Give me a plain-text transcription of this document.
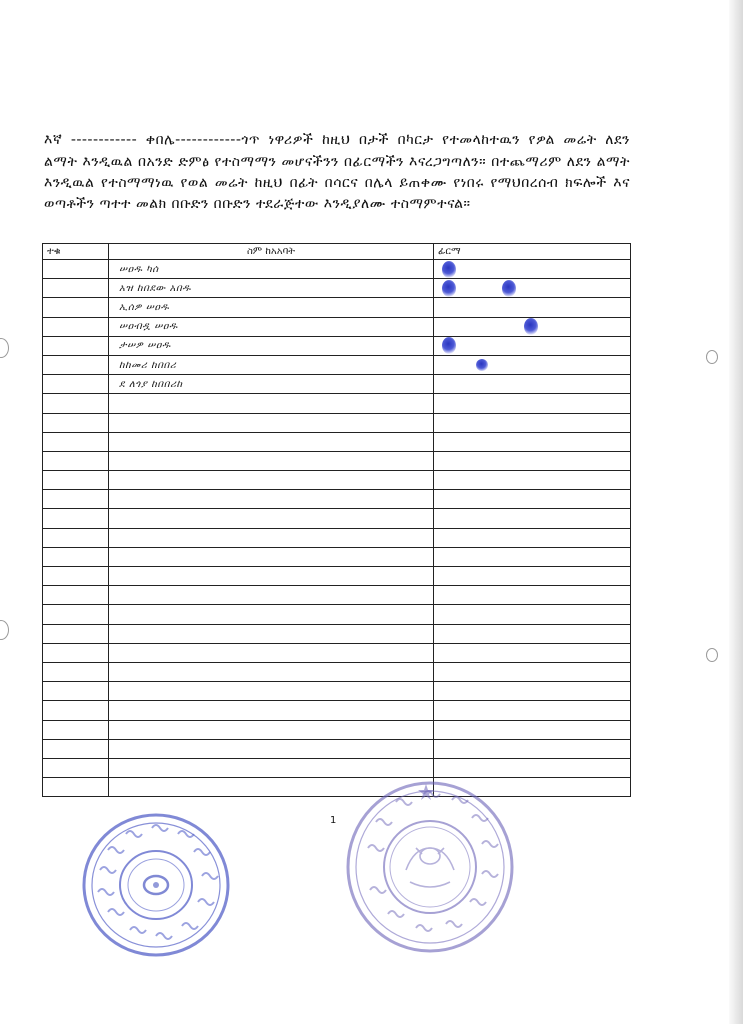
እኛ ------------ ቀበሌ------------ጎጥ ነዋሪዎች ከዚህ በታች በካርታ የተመላከተዉን የዎል መሬት ለደን ልማት እንዲዉል በአንድ ድምፅ የተስማማን መሆናችንን በፊርማችን እናረጋግጣለን። በተጨማሪም ለደን ልማት እንዲዉል የተስማማነዉ የወል መሬት ከዚህ በፊት በሳርና በሌላ ይጠቀሙ የነበሩ የማህበረሰብ ክፍሎች እና ወጣቶችን ጣተተ መልክ በቡድን በቡድን ተደራጅተው እንዲያለሙ ተስማምተናል።

ተቁ	ስም ከአአባት	ፊርማ
	ሠዐዱ ካሰ	
	አዝ ከበደው አበዱ	
	ኢሰዎ ሠዐዱ	
	ሠዐብዷ ሠዐዱ	
	ታሠዎ ሠዐዱ	
	ከከመሪ ከበበሪ	
	ደ ለጎያ ከበበሪከ	

1
